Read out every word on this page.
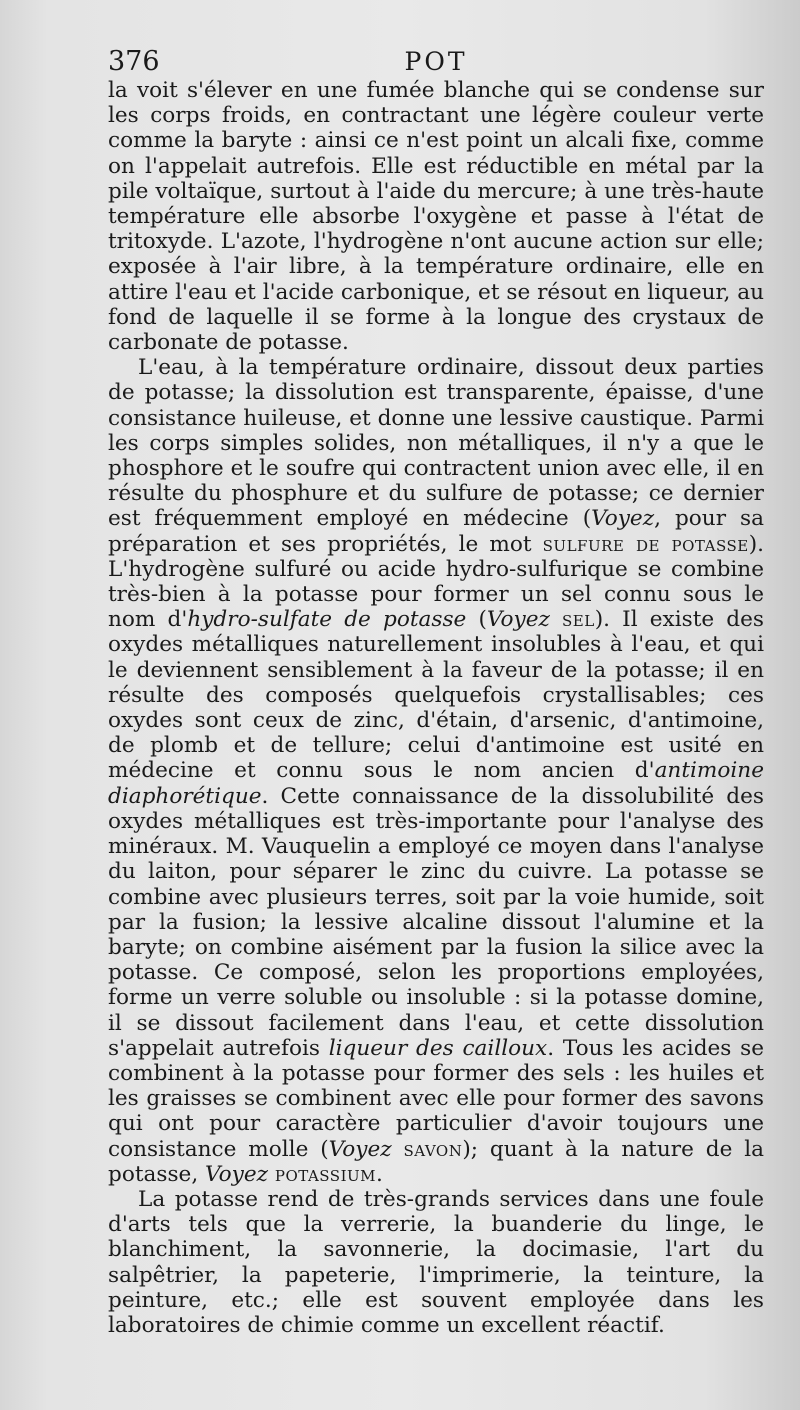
376	POT

la voit s'élever en une fumée blanche qui se condense sur les corps froids, en contractant une légère couleur verte comme la baryte : ainsi ce n'est point un alcali fixe, comme on l'appelait autrefois. Elle est réductible en métal par la pile voltaïque, surtout à l'aide du mercure; à une très-haute température elle absorbe l'oxygène et passe à l'état de tritoxyde. L'azote, l'hydrogène n'ont aucune action sur elle; exposée à l'air libre, à la température ordinaire, elle en attire l'eau et l'acide carbonique, et se résout en liqueur, au fond de laquelle il se forme à la longue des crystaux de carbonate de potasse.

L'eau, à la température ordinaire, dissout deux parties de potasse; la dissolution est transparente, épaisse, d'une consistance huileuse, et donne une lessive caustique. Parmi les corps simples solides, non métalliques, il n'y a que le phosphore et le soufre qui contractent union avec elle, il en résulte du phosphure et du sulfure de potasse; ce dernier est fréquemment employé en médecine (Voyez, pour sa préparation et ses propriétés, le mot sulfure de potasse). L'hydrogène sulfuré ou acide hydro-sulfurique se combine très-bien à la potasse pour former un sel connu sous le nom d'hydro-sulfate de potasse (Voyez sel). Il existe des oxydes métalliques naturellement insolubles à l'eau, et qui le deviennent sensiblement à la faveur de la potasse; il en résulte des composés quelquefois crystallisables; ces oxydes sont ceux de zinc, d'étain, d'arsenic, d'antimoine, de plomb et de tellure; celui d'antimoine est usité en médecine et connu sous le nom ancien d'antimoine diaphorétique. Cette connaissance de la dissolubilité des oxydes métalliques est très-importante pour l'analyse des minéraux. M. Vauquelin a employé ce moyen dans l'analyse du laiton, pour séparer le zinc du cuivre. La potasse se combine avec plusieurs terres, soit par la voie humide, soit par la fusion; la lessive alcaline dissout l'alumine et la baryte; on combine aisément par la fusion la silice avec la potasse. Ce composé, selon les proportions employées, forme un verre soluble ou insoluble : si la potasse domine, il se dissout facilement dans l'eau, et cette dissolution s'appelait autrefois liqueur des cailloux. Tous les acides se combinent à la potasse pour former des sels : les huiles et les graisses se combinent avec elle pour former des savons qui ont pour caractère particulier d'avoir toujours une consistance molle (Voyez savon); quant à la nature de la potasse, Voyez potassium.

La potasse rend de très-grands services dans une foule d'arts tels que la verrerie, la buanderie du linge, le blanchiment, la savonnerie, la docimasie, l'art du salpêtrier, la papeterie, l'imprimerie, la teinture, la peinture, etc.; elle est souvent employée dans les laboratoires de chimie comme un excellent réactif.
